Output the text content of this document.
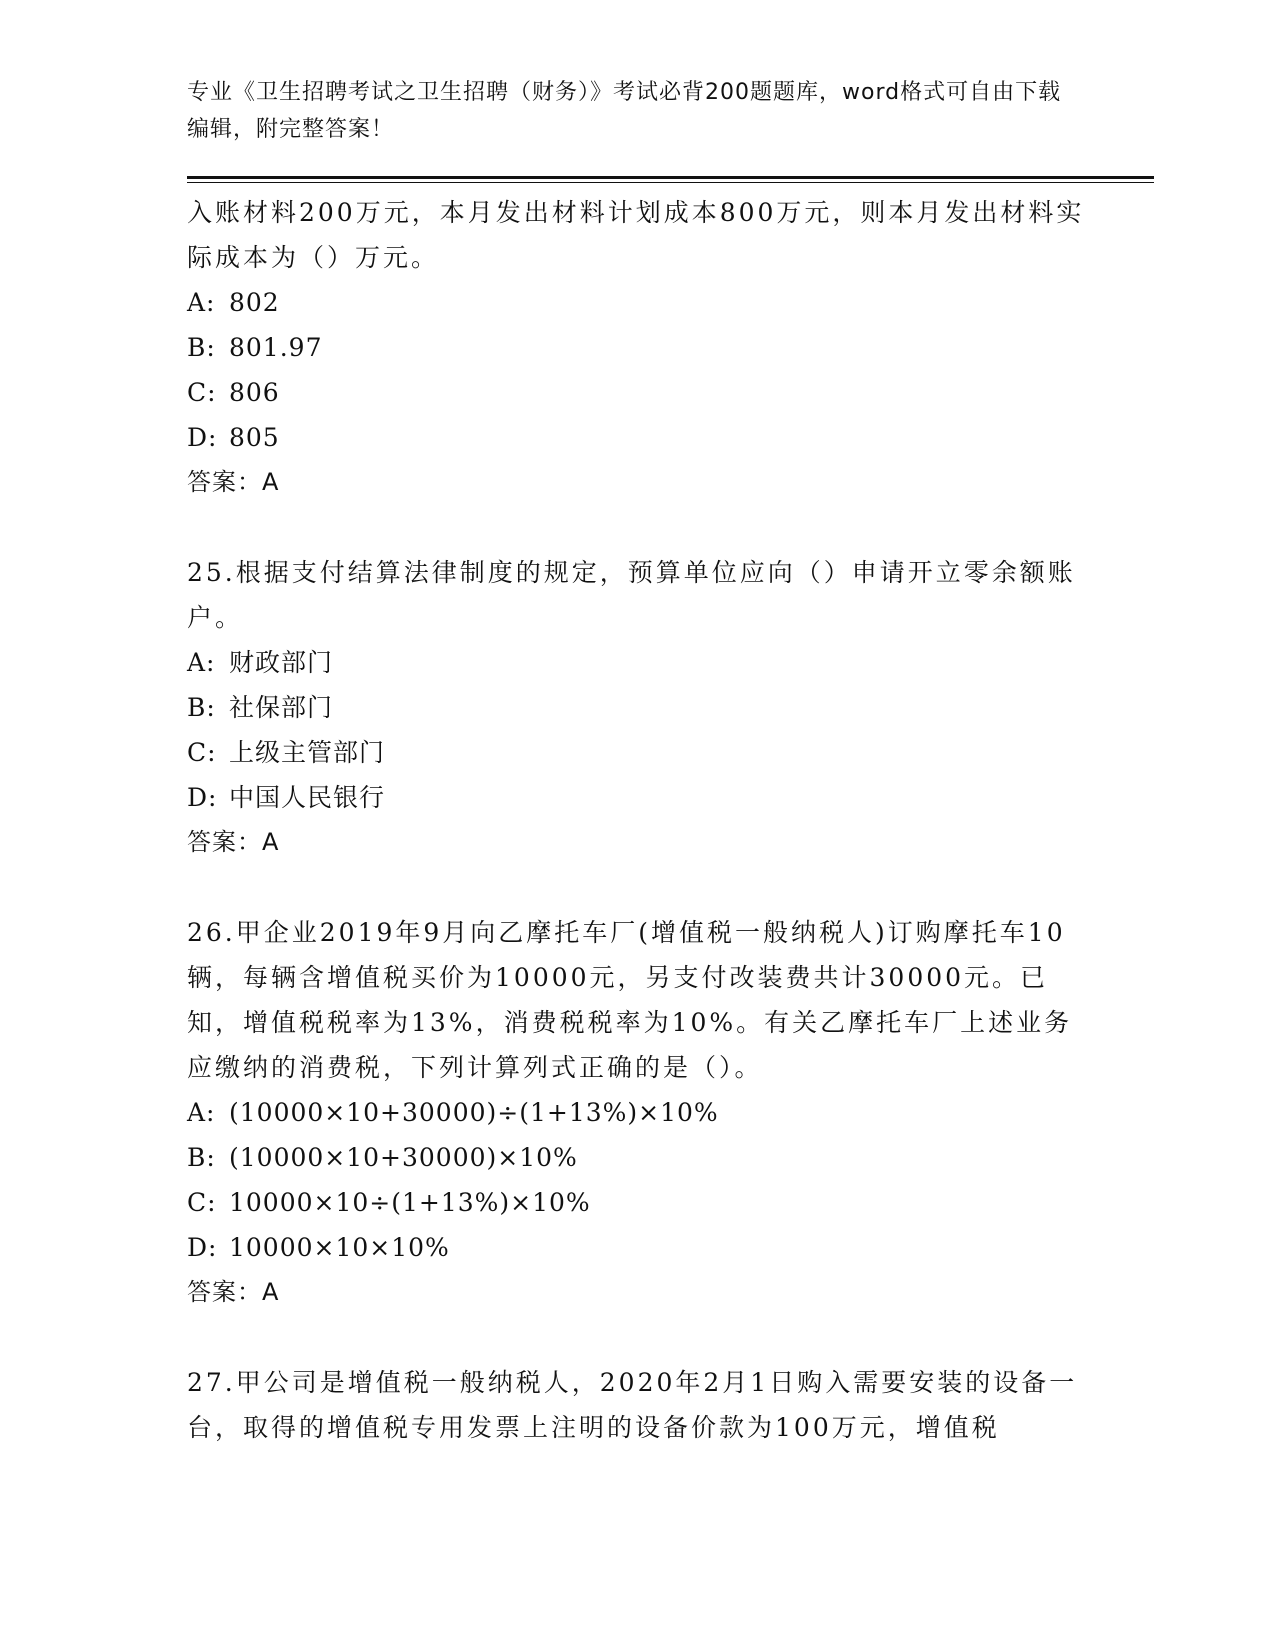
专业《卫生招聘考试之卫生招聘（财务）》考试必背200题题库，word格式可自由下载编辑，附完整答案！

入账材料200万元，本月发出材料计划成本800万元，则本月发出材料实际成本为（）万元。

A: 802

B: 801.97

C: 806

D: 805

答案：A

25.根据支付结算法律制度的规定，预算单位应向（）申请开立零余额账户。

A: 财政部门

B: 社保部门

C: 上级主管部门

D: 中国人民银行

答案：A

26.甲企业2019年9月向乙摩托车厂(增值税一般纳税人)订购摩托车10辆，每辆含增值税买价为10000元，另支付改装费共计30000元。已知，增值税税率为13%，消费税税率为10%。有关乙摩托车厂上述业务应缴纳的消费税，下列计算列式正确的是（）。

A: (10000×10+30000)÷(1+13%)×10%

B: (10000×10+30000)×10%

C: 10000×10÷(1+13%)×10%

D: 10000×10×10%

答案：A

27.甲公司是增值税一般纳税人，2020年2月1日购入需要安装的设备一台，取得的增值税专用发票上注明的设备价款为100万元，增值税
